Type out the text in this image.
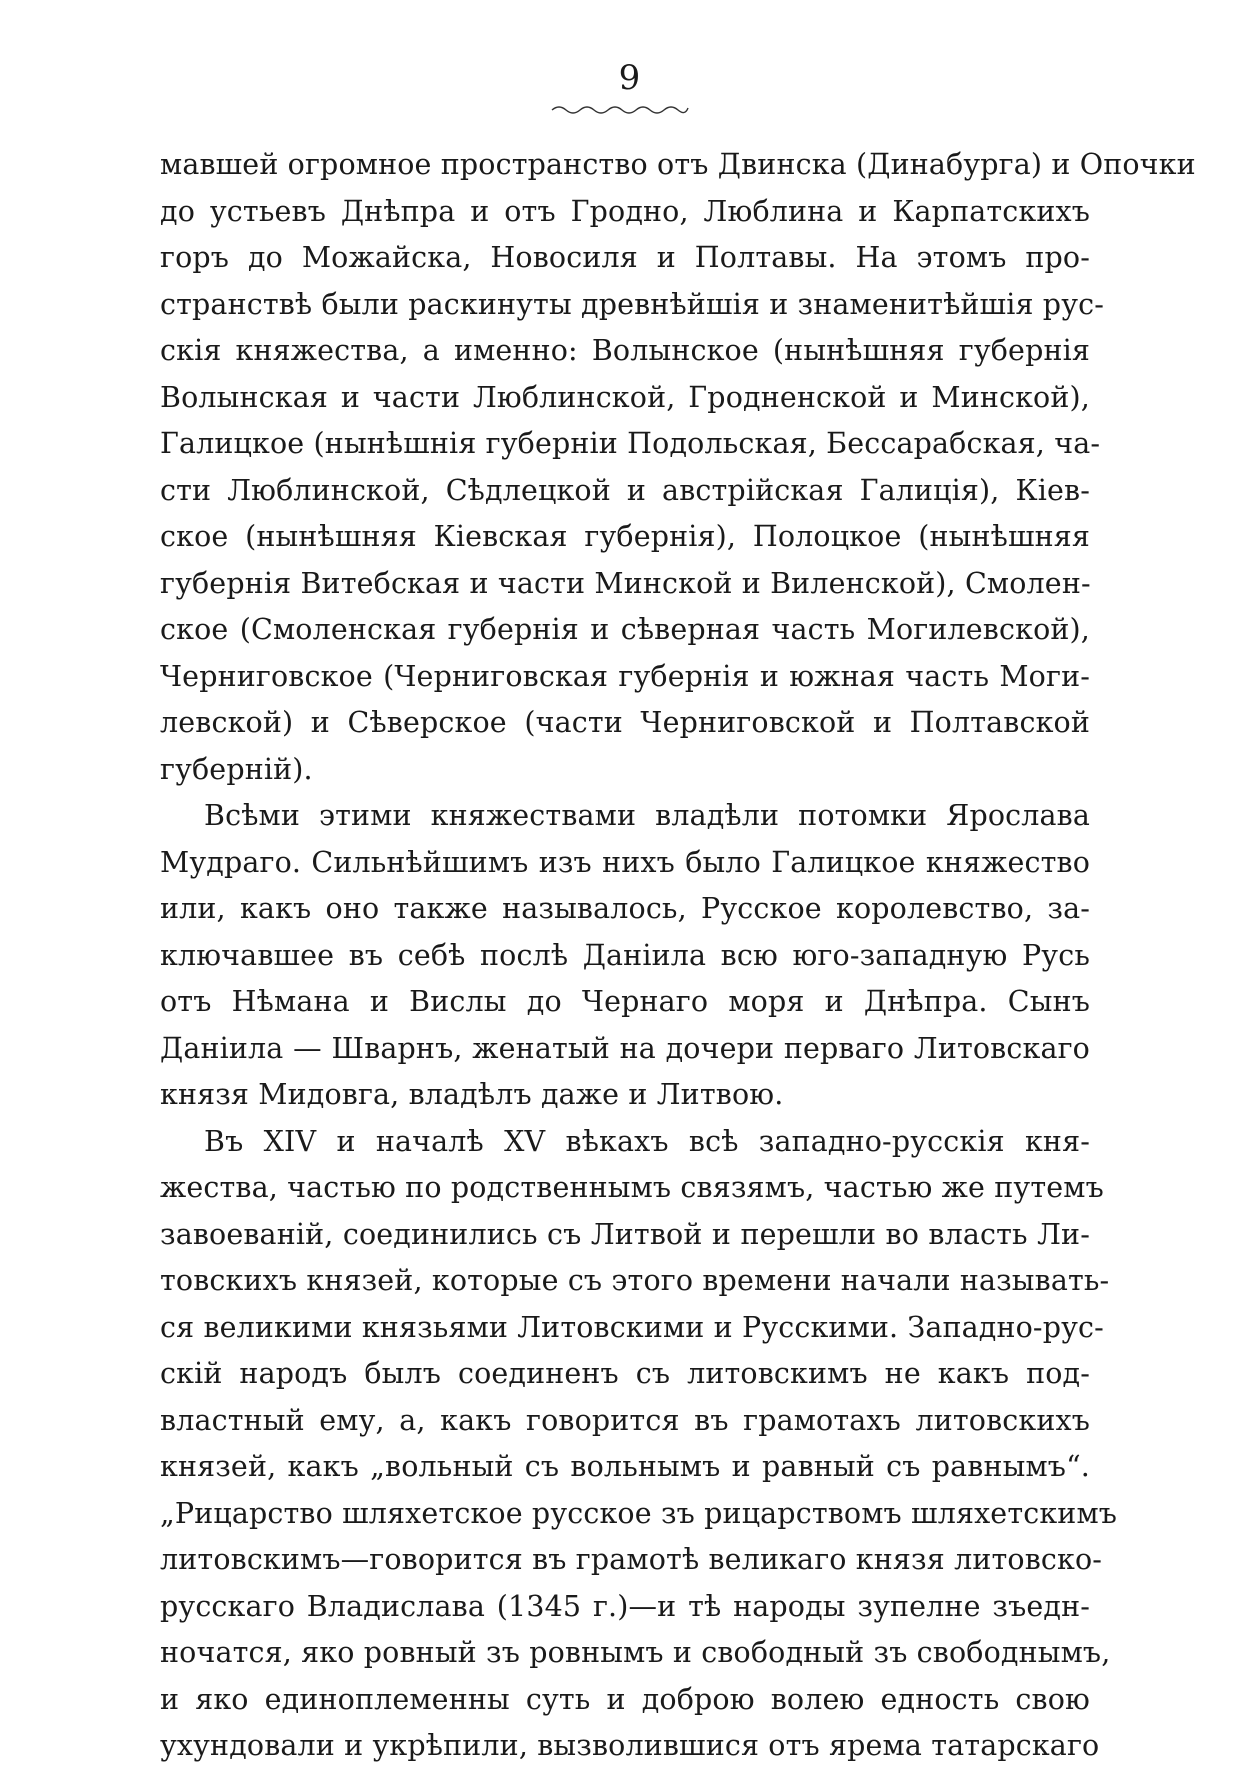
9
мавшей огромное пространство отъ Двинска (Динабурга) и Опочки
до устьевъ Днѣпра и отъ Гродно, Люблина и Карпатскихъ
горъ до Можайска, Новосиля и Полтавы. На этомъ про-
странствѣ были раскинуты древнѣйшія и знаменитѣйшія рус-
скія княжества, а именно: Волынское (нынѣшняя губернія
Волынская и части Люблинской, Гродненской и Минской),
Галицкое (нынѣшнія губерніи Подольская, Бессарабская, ча-
сти Люблинской, Сѣдлецкой и австрійская Галиція), Кiев-
ское (нынѣшняя Кiевская губернія), Полоцкое (нынѣшняя
губернія Витебская и части Минской и Виленской), Смолен-
ское (Смоленская губернія и сѣверная часть Могилевской),
Черниговское (Черниговская губернія и южная часть Моги-
левской) и Сѣверское (части Черниговской и Полтавской
губерній).
Всѣми этими княжествами владѣли потомки Ярослава
Мудраго. Сильнѣйшимъ изъ нихъ было Галицкое княжество
или, какъ оно также называлось, Русское королевство, за-
ключавшее въ себѣ послѣ Даніила всю юго-западную Русь
отъ Нѣмана и Вислы до Чернаго моря и Днѣпра. Сынъ
Даніила — Шварнъ, женатый на дочери перваго Литовскаго
князя Мидовга, владѣлъ даже и Литвою.
Въ XIV и началѣ XV вѣкахъ всѣ западно-русскія кня-
жества, частью по родственнымъ связямъ, частью же путемъ
завоеваній, соединились съ Литвой и перешли во власть Ли-
товскихъ князей, которые съ этого времени начали называть-
ся великими князьями Литовскими и Русскими. Западно-рус-
скій народъ былъ соединенъ съ литовскимъ не какъ под-
властный ему, а, какъ говорится въ грамотахъ литовскихъ
князей, какъ „вольный съ вольнымъ и равный съ равнымъ“.
„Рицарство шляхетское русское зъ рицарствомъ шляхетскимъ
литовскимъ—говорится въ грамотѣ великаго князя литовско-
русскаго Владислава (1345 г.)—и тѣ народы зупелне зъедн-
ночатся, яко ровный зъ ровнымъ и свободный зъ свободнымъ,
и яко единоплеменны суть и доброю волею едность свою
ухундовали и укрѣпили, вызволившися отъ ярема татарскаго
